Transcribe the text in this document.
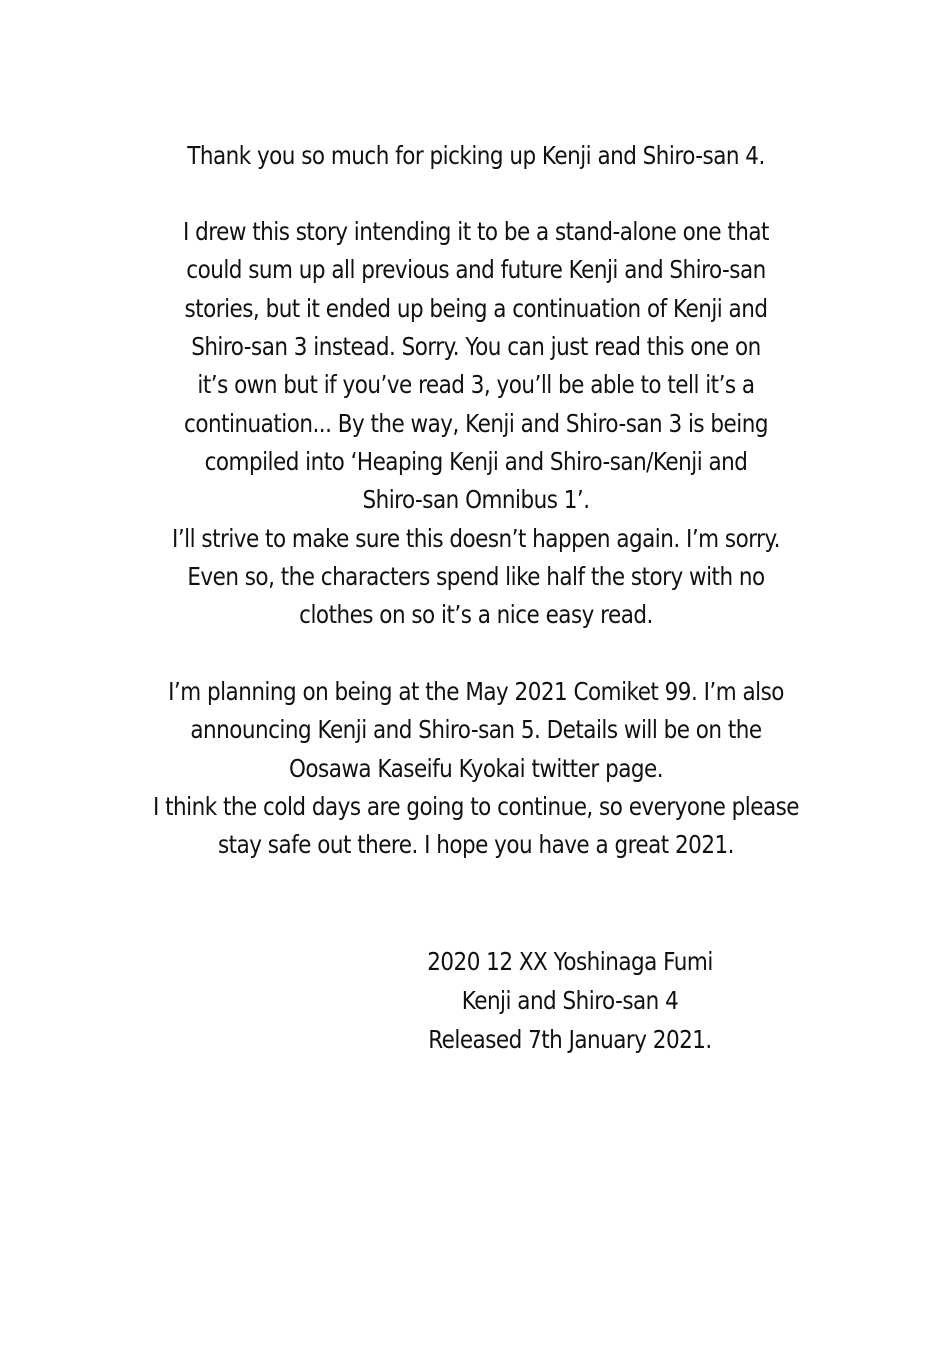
Thank you so much for picking up Kenji and Shiro-san 4.
I drew this story intending it to be a stand-alone one that
could sum up all previous and future Kenji and Shiro-san
stories, but it ended up being a continuation of Kenji and
Shiro-san 3 instead. Sorry. You can just read this one on
it’s own but if you’ve read 3, you’ll be able to tell it’s a
continuation... By the way, Kenji and Shiro-san 3 is being
compiled into ‘Heaping Kenji and Shiro-san/Kenji and
Shiro-san Omnibus 1’.
I’ll strive to make sure this doesn’t happen again. I’m sorry.
Even so, the characters spend like half the story with no
clothes on so it’s a nice easy read.
I’m planning on being at the May 2021 Comiket 99. I’m also
announcing Kenji and Shiro-san 5. Details will be on the
Oosawa Kaseifu Kyokai twitter page.
I think the cold days are going to continue, so everyone please
stay safe out there. I hope you have a great 2021.
2020 12 XX Yoshinaga Fumi
Kenji and Shiro-san 4
Released 7th January 2021.
